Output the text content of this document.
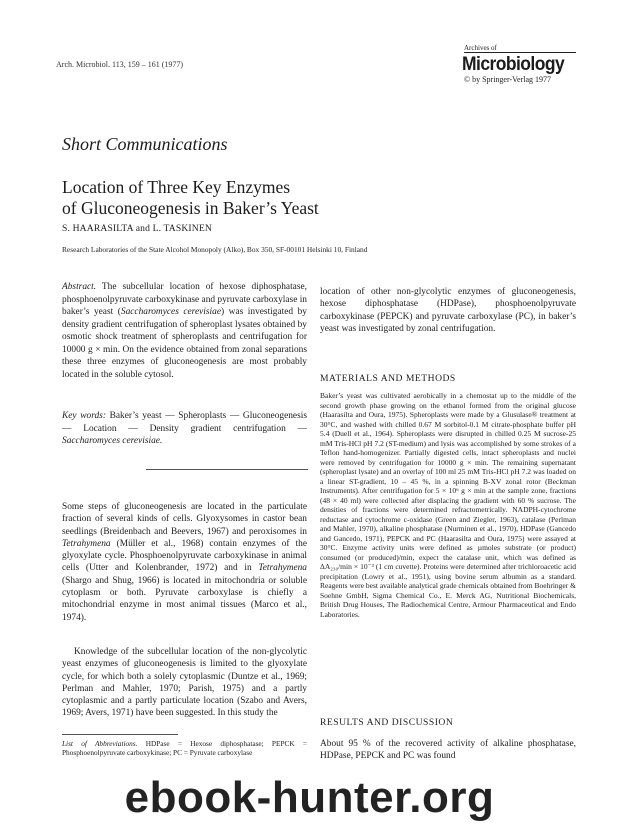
Arch. Microbiol. 113, 159 – 161 (1977)
Archives of
Microbiology
© by Springer-Verlag 1977
Short Communications
Location of Three Key Enzymes
of Gluconeogenesis in Baker’s Yeast
S. HAARASILTA and L. TASKINEN
Research Laboratories of the State Alcohol Monopoly (Alko), Box 350, SF-00101 Helsinki 10, Finland

Abstract. The subcellular location of hexose diphosphatase, phosphoenolpyruvate carboxykinase and pyruvate carboxylase in baker’s yeast (Saccharomyces cerevisiae) was investigated by density gradient centrifugation of spheroplast lysates obtained by osmotic shock treatment of spheroplasts and centrifugation for 10000 g × min. On the evidence obtained from zonal separations these three enzymes of gluconeogenesis are most probably located in the soluble cytosol.

Key words: Baker’s yeast — Spheroplasts — Gluconeogenesis — Location — Density gradient centrifugation — Saccharomyces cerevisiae.

Some steps of gluconeogenesis are located in the particulate fraction of several kinds of cells. Glyoxysomes in castor bean seedlings (Breidenbach and Beevers, 1967) and peroxisomes in Tetrahymena (Müller et al., 1968) contain enzymes of the glyoxylate cycle. Phosphoenolpyruvate carboxykinase in animal cells (Utter and Kolenbrander, 1972) and in Tetrahymena (Shargo and Shug, 1966) is located in mitochondria or soluble cytoplasm or both. Pyruvate carboxylase is chiefly a mitochondrial enzyme in most animal tissues (Marco et al., 1974).

Knowledge of the subcellular location of the non-glycolytic yeast enzymes of gluconeogenesis is limited to the glyoxylate cycle, for which both a solely cytoplasmic (Duntze et al., 1969; Perlman and Mahler, 1970; Parish, 1975) and a partly cytoplasmic and a partly particulate location (Szabo and Avers, 1969; Avers, 1971) have been suggested. In this study the

List of Abbreviations. HDPase = Hexose diphosphatase; PEPCK = Phosphoenolpyruvate carboxykinase; PC = Pyruvate carboxylase

location of other non-glycolytic enzymes of gluconeogenesis, hexose diphosphatase (HDPase), phosphoenolpyruvate carboxykinase (PEPCK) and pyruvate carboxylase (PC), in baker’s yeast was investigated by zonal centrifugation.

MATERIALS AND METHODS

Baker’s yeast was cultivated aerobically in a chemostat up to the middle of the second growth phase growing on the ethanol formed from the original glucose (Haarasilta and Oura, 1975). Spheroplasts were made by a Glusulase® treatment at 30°C, and washed with chilled 0.67 M sorbitol-0.1 M citrate-phosphate buffer pH 5.4 (Duell et al., 1964). Spheroplasts were disrupted in chilled 0.25 M sucrose-25 mM Tris-HCl pH 7.2 (ST-medium) and lysis was accomplished by some strokes of a Teflon hand-homogenizer. Partially digested cells, intact spheroplasts and nuclei were removed by centrifugation for 10000 g × min. The remaining supernatant (spheroplast lysate) and an overlay of 100 ml 25 mM Tris-HCl pH 7.2 was loaded on a linear ST-gradient, 10 – 45 %, in a spinning B-XV zonal rotor (Beckman Instruments). After centrifugation for 5 × 10⁶ g × min at the sample zone, fractions (48 × 40 ml) were collected after displacing the gradient with 60 % sucrose. The densities of fractions were determined refractometrically. NADPH-cytochrome reductase and cytochrome c-oxidase (Green and Ziegler, 1963), catalase (Perlman and Mahler, 1970), alkaline phosphatase (Nurminen et al., 1970), HDPase (Gancedo and Gancedo, 1971), PEPCK and PC (Haarasilta and Oura, 1975) were assayed at 30°C. Enzyme activity units were defined as µmoles substrate (or product) consumed (or produced)/min, expect the catalase unit, which was defined as ΔA₂₃₀/min × 10⁻³ (1 cm cuvette). Proteins were determined after trichloroacetic acid precipitation (Lowry et al., 1951), using bovine serum albumin as a standard. Reagents were best available analytical grade chemicals obtained from Boehringer & Soehne GmbH, Sigma Chemical Co., E. Merck AG, Nutritional Biochemicals, British Drug Houses, The Radiochemical Centre, Armour Pharmaceutical and Endo Laboratories.

RESULTS AND DISCUSSION

About 95 % of the recovered activity of alkaline phosphatase, HDPase, PEPCK and PC was found

ebook-hunter.org
